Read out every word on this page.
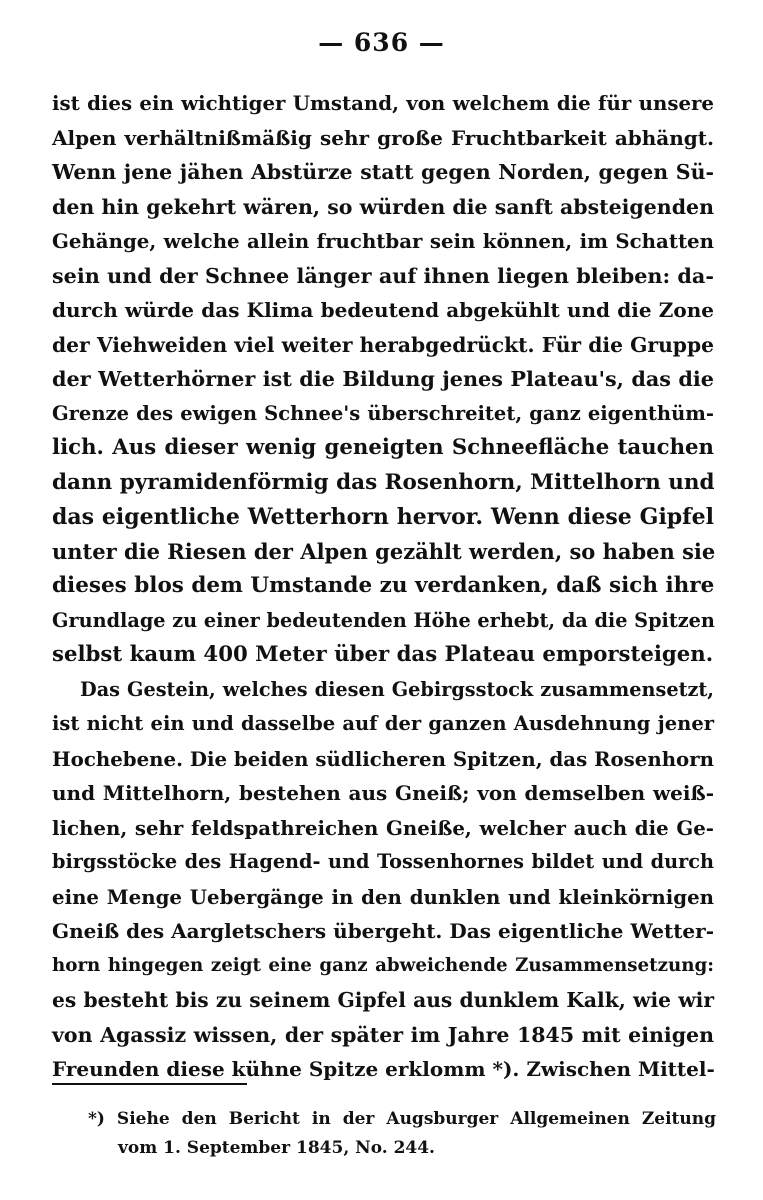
— 636 —
ist dies ein wichtiger Umstand, von welchem die für unsere
Alpen verhältnißmäßig sehr große Fruchtbarkeit abhängt.
Wenn jene jähen Abstürze statt gegen Norden, gegen Sü-
den hin gekehrt wären, so würden die sanft absteigenden
Gehänge, welche allein fruchtbar sein können, im Schatten
sein und der Schnee länger auf ihnen liegen bleiben: da-
durch würde das Klima bedeutend abgekühlt und die Zone
der Viehweiden viel weiter herabgedrückt. Für die Gruppe
der Wetterhörner ist die Bildung jenes Plateau's, das die
Grenze des ewigen Schnee's überschreitet, ganz eigenthüm-
lich. Aus dieser wenig geneigten Schneefläche tauchen
dann pyramidenförmig das Rosenhorn, Mittelhorn und
das eigentliche Wetterhorn hervor. Wenn diese Gipfel
unter die Riesen der Alpen gezählt werden, so haben sie
dieses blos dem Umstande zu verdanken, daß sich ihre
Grundlage zu einer bedeutenden Höhe erhebt, da die Spitzen
selbst kaum 400 Meter über das Plateau emporsteigen.
Das Gestein, welches diesen Gebirgsstock zusammensetzt,
ist nicht ein und dasselbe auf der ganzen Ausdehnung jener
Hochebene. Die beiden südlicheren Spitzen, das Rosenhorn
und Mittelhorn, bestehen aus Gneiß; von demselben weiß-
lichen, sehr feldspathreichen Gneiße, welcher auch die Ge-
birgsstöcke des Hagend- und Tossenhornes bildet und durch
eine Menge Uebergänge in den dunklen und kleinkörnigen
Gneiß des Aargletschers übergeht. Das eigentliche Wetter-
horn hingegen zeigt eine ganz abweichende Zusammensetzung:
es besteht bis zu seinem Gipfel aus dunklem Kalk, wie wir
von Agassiz wissen, der später im Jahre 1845 mit einigen
Freunden diese kühne Spitze erklomm *). Zwischen Mittel-
*) Siehe den Bericht in der Augsburger Allgemeinen Zeitung
vom 1. September 1845, No. 244.
